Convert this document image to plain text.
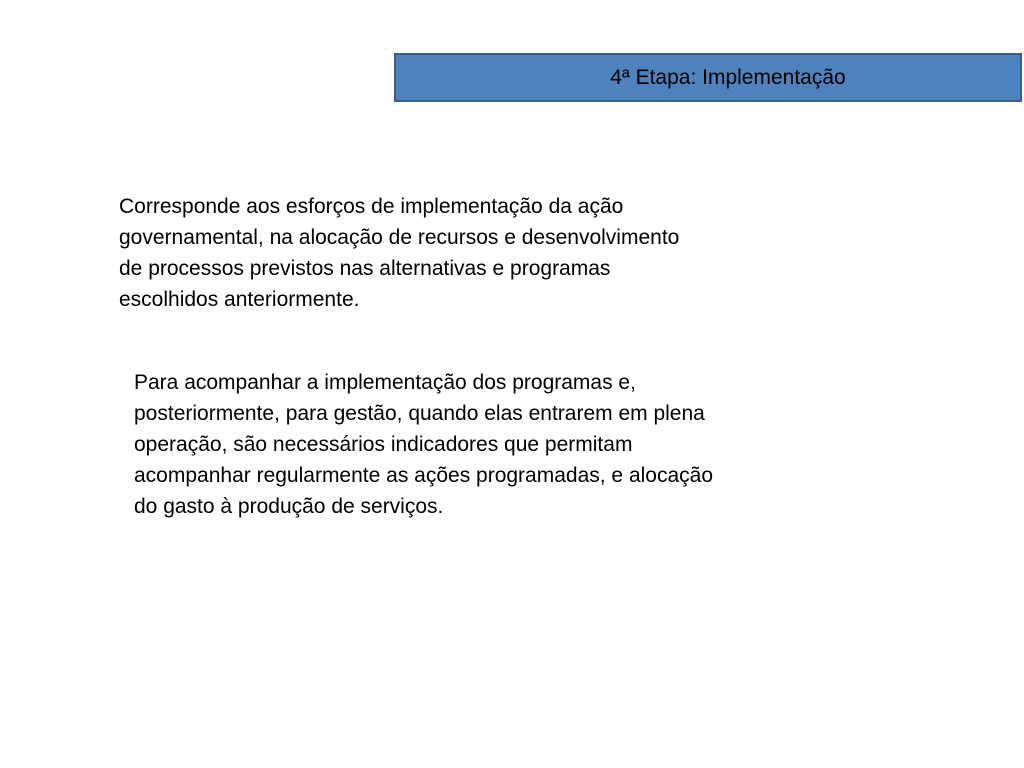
4ª Etapa: Implementação

Corresponde aos esforços de implementação da ação
governamental, na alocação de recursos e desenvolvimento
de processos previstos nas alternativas e programas
escolhidos anteriormente.

Para acompanhar a implementação dos programas e,
posteriormente, para gestão, quando elas entrarem em plena
operação, são necessários indicadores que permitam
acompanhar regularmente as ações programadas, e alocação
do gasto à produção de serviços.
